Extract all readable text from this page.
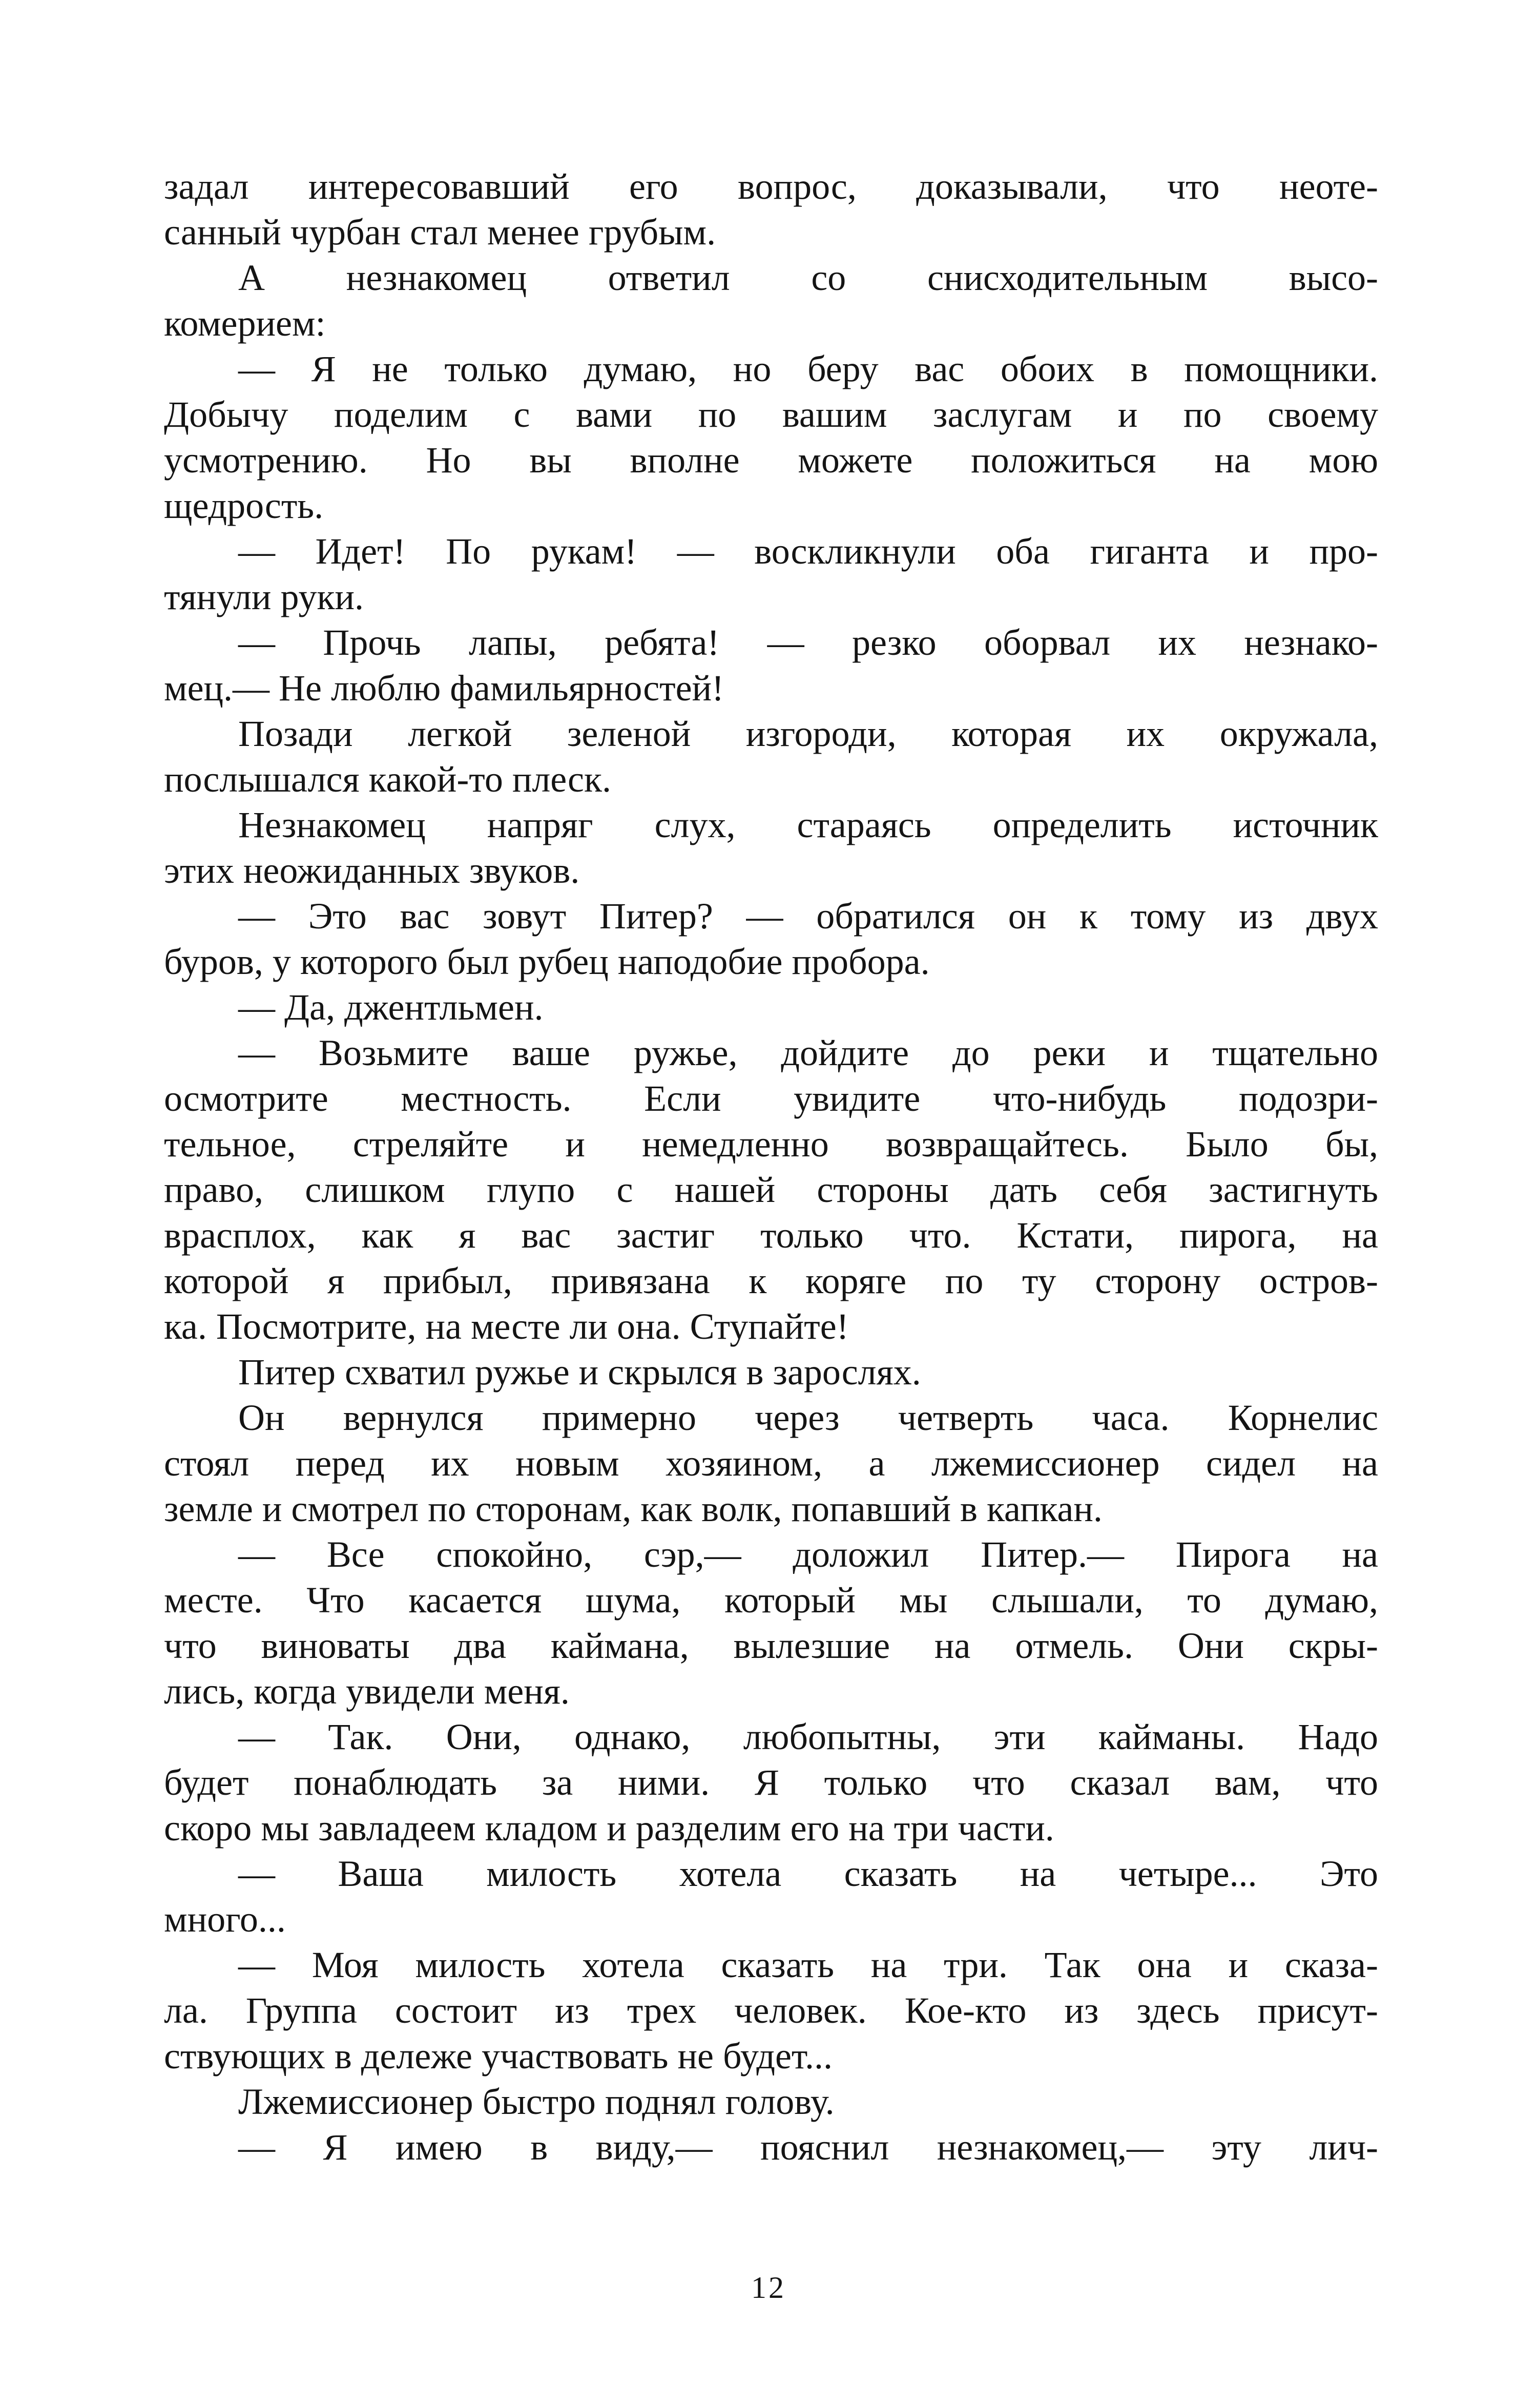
задал интересовавший его вопрос, доказывали, что неоте-
санный чурбан стал менее грубым.
А незнакомец ответил со снисходительным высо-
комерием:
— Я не только думаю, но беру вас обоих в помощники.
Добычу поделим с вами по вашим заслугам и по своему
усмотрению. Но вы вполне можете положиться на мою
щедрость.
— Идет! По рукам! — воскликнули оба гиганта и про-
тянули руки.
— Прочь лапы, ребята! — резко оборвал их незнако-
мец.— Не люблю фамильярностей!
Позади легкой зеленой изгороди, которая их окружала,
послышался какой-то плеск.
Незнакомец напряг слух, стараясь определить источник
этих неожиданных звуков.
— Это вас зовут Питер? — обратился он к тому из двух
буров, у которого был рубец наподобие пробора.
— Да, джентльмен.
— Возьмите ваше ружье, дойдите до реки и тщательно
осмотрите местность. Если увидите что-нибудь подозри-
тельное, стреляйте и немедленно возвращайтесь. Было бы,
право, слишком глупо с нашей стороны дать себя застигнуть
врасплох, как я вас застиг только что. Кстати, пирога, на
которой я прибыл, привязана к коряге по ту сторону остров-
ка. Посмотрите, на месте ли она. Ступайте!
Питер схватил ружье и скрылся в зарослях.
Он вернулся примерно через четверть часа. Корнелис
стоял перед их новым хозяином, а лжемиссионер сидел на
земле и смотрел по сторонам, как волк, попавший в капкан.
— Все спокойно, сэр,— доложил Питер.— Пирога на
месте. Что касается шума, который мы слышали, то думаю,
что виноваты два каймана, вылезшие на отмель. Они скры-
лись, когда увидели меня.
— Так. Они, однако, любопытны, эти кайманы. Надо
будет понаблюдать за ними. Я только что сказал вам, что
скоро мы завладеем кладом и разделим его на три части.
— Ваша милость хотела сказать на четыре... Это
много...
— Моя милость хотела сказать на три. Так она и сказа-
ла. Группа состоит из трех человек. Кое-кто из здесь присут-
ствующих в дележе участвовать не будет...
Лжемиссионер быстро поднял голову.
— Я имею в виду,— пояснил незнакомец,— эту лич-
12
